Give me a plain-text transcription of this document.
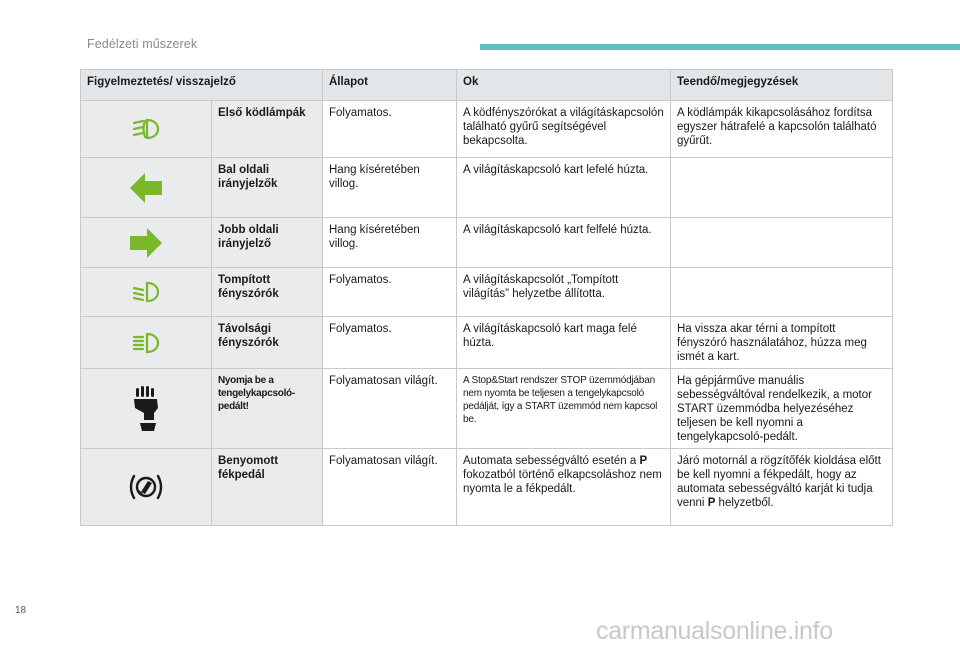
Fedélzeti műszerek
Figyelmeztetés/ visszajelző		Állapot	Ok	Teendő/megjegyzések

	Első ködlámpák	Folyamatos.	A ködfényszórókat a világításkapcsolón található gyűrű segítségével bekapcsolta.	A ködlámpák kikapcsolásához fordítsa egyszer hátrafelé a kapcsolón található gyűrűt.

	Bal oldali irányjelzők	Hang kíséretében villog.	A világításkapcsoló kart lefelé húzta.	

	Jobb oldali irányjelző	Hang kíséretében villog.	A világításkapcsoló kart felfelé húzta.	

	Tompított fényszórók	Folyamatos.	A világításkapcsolót „Tompított világítás” helyzetbe állította.	

	Távolsági fényszórók	Folyamatos.	A világításkapcsoló kart maga felé húzta.	Ha vissza akar térni a tompított fényszóró használatához, húzza meg ismét a kart.

	Nyomja be a tengelykapcsoló-pedált!	Folyamatosan világít.	A Stop&Start rendszer STOP üzemmódjában nem nyomta be teljesen a tengelykapcsoló pedálját, így a START üzemmód nem kapcsol be.	Ha gépjárműve manuális sebességváltóval rendelkezik, a motor START üzemmódba helyezéséhez teljesen be kell nyomni a tengelykapcsoló-pedált.

	Benyomott fékpedál	Folyamatosan világít.	Automata sebességváltó esetén a P fokozatból történő elkapcsoláshoz nem nyomta le a fékpedált.	Járó motornál a rögzítőfék kioldása előtt be kell nyomni a fékpedált, hogy az automata sebességváltó karját ki tudja venni P helyzetből.
18
carmanualsonline.info
